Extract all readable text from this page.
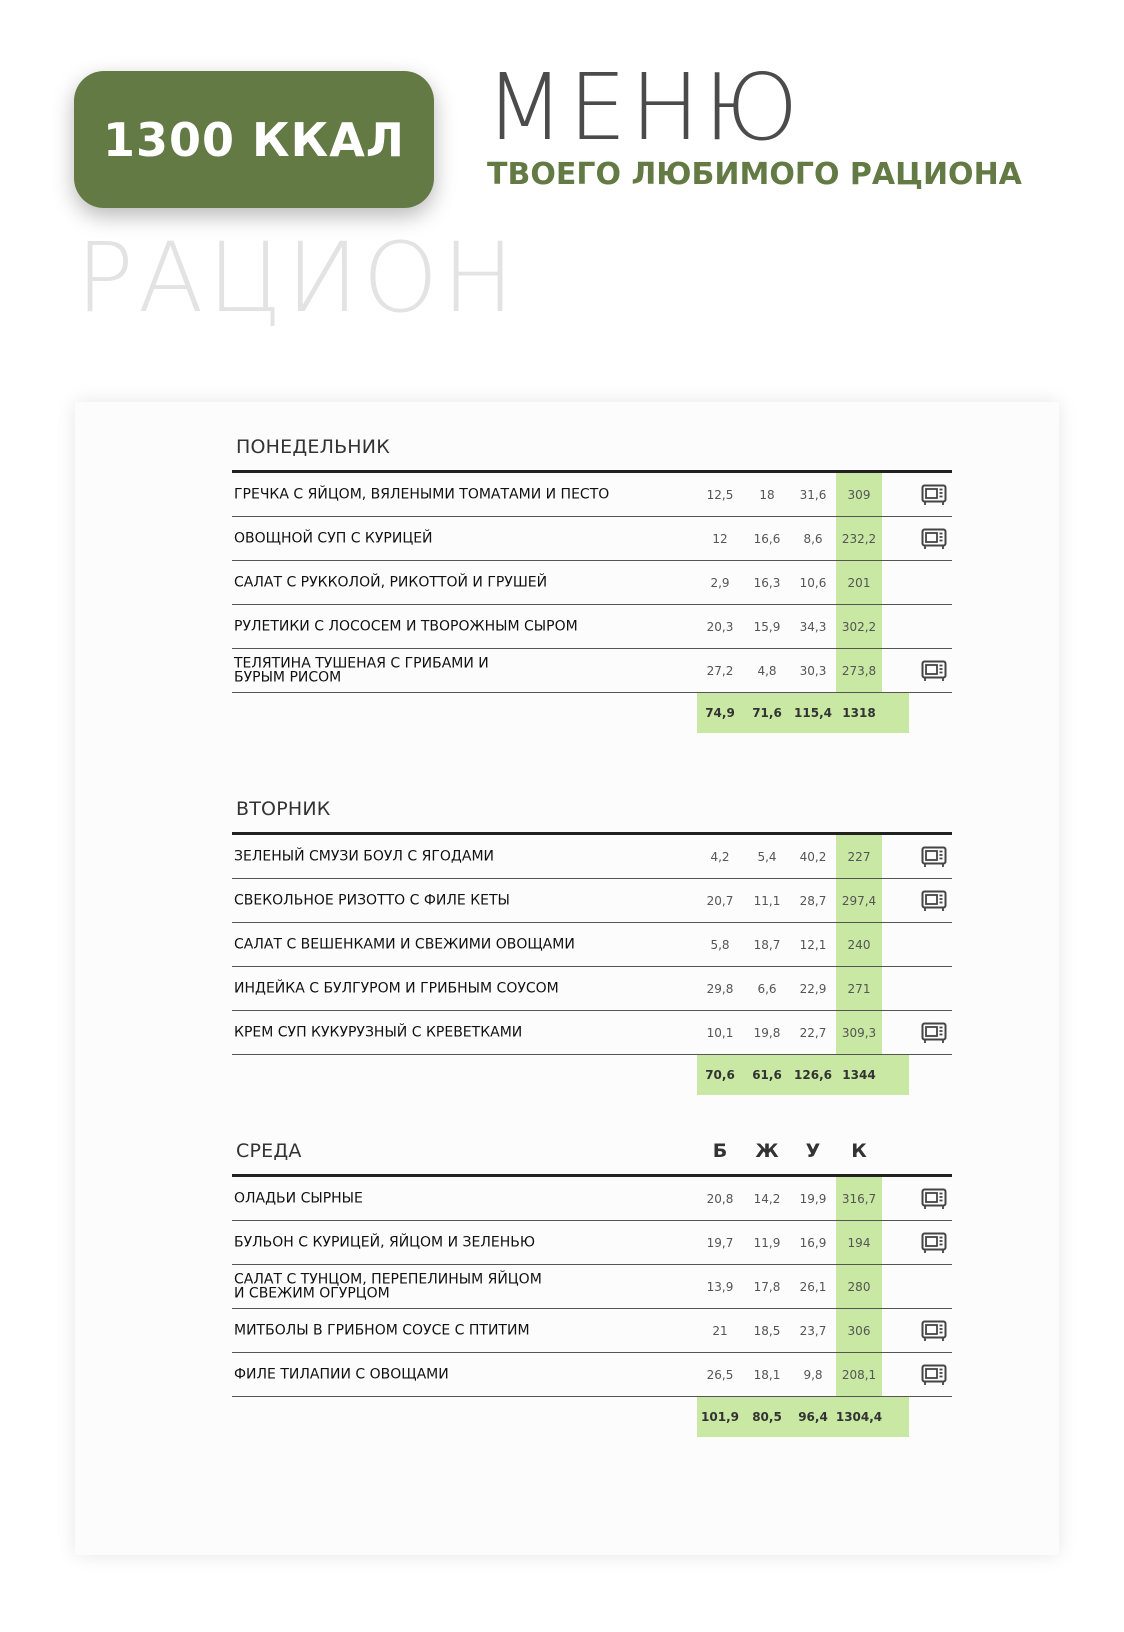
1300 ККАЛ МЕНЮ
ТВОЕГО ЛЮБИМОГО РАЦИОНА
РАЦИОН
ПОНЕДЕЛЬНИК
ГРЕЧКА С ЯЙЦОМ, ВЯЛЕНЫМИ ТОМАТАМИ И ПЕСТО	12,5	18	31,6	309
ОВОЩНОЙ СУП С КУРИЦЕЙ	12	16,6	8,6	232,2
САЛАТ С РУККОЛОЙ, РИКОТТОЙ И ГРУШЕЙ	2,9	16,3	10,6	201
РУЛЕТИКИ С ЛОСОСЕМ И ТВОРОЖНЫМ СЫРОМ	20,3	15,9	34,3	302,2
ТЕЛЯТИНА ТУШЕНАЯ С ГРИБАМИ И
БУРЫМ РИСОМ	27,2	4,8	30,3	273,8
74,9	71,6	115,4 1318
ВТОРНИК
ЗЕЛЕНЫЙ СМУЗИ БОУЛ С ЯГОДАМИ	4,2	5,4	40,2	227
СВЕКОЛЬНОЕ РИЗОТТО С ФИЛЕ КЕТЫ	20,7	11,1	28,7	297,4
САЛАТ С ВЕШЕНКАМИ И СВЕЖИМИ ОВОЩАМИ	5,8	18,7	12,1	240
ИНДЕЙКА С БУЛГУРОМ И ГРИБНЫМ СОУСОМ	29,8	6,6	22,9	271
КРЕМ СУП КУКУРУЗНЫЙ С КРЕВЕТКАМИ	10,1	19,8	22,7	309,3
70,6	61,6	126,6 1344
СРЕДА	Б	Ж	У	К
ОЛАДЬИ СЫРНЫЕ	20,8	14,2	19,9	316,7
БУЛЬОН С КУРИЦЕЙ, ЯЙЦОМ И ЗЕЛЕНЬЮ	19,7	11,9	16,9	194
САЛАТ С ТУНЦОМ, ПЕРЕПЕЛИНЫМ ЯЙЦОМ
И СВЕЖИМ ОГУРЦОМ	13,9	17,8	26,1	280
МИТБОЛЫ В ГРИБНОМ СОУСЕ С ПТИТИМ	21	18,5	23,7	306
ФИЛЕ ТИЛАПИИ С ОВОЩАМИ	26,5	18,1	9,8	208,1
101,9	80,5	96,4 1304,4
